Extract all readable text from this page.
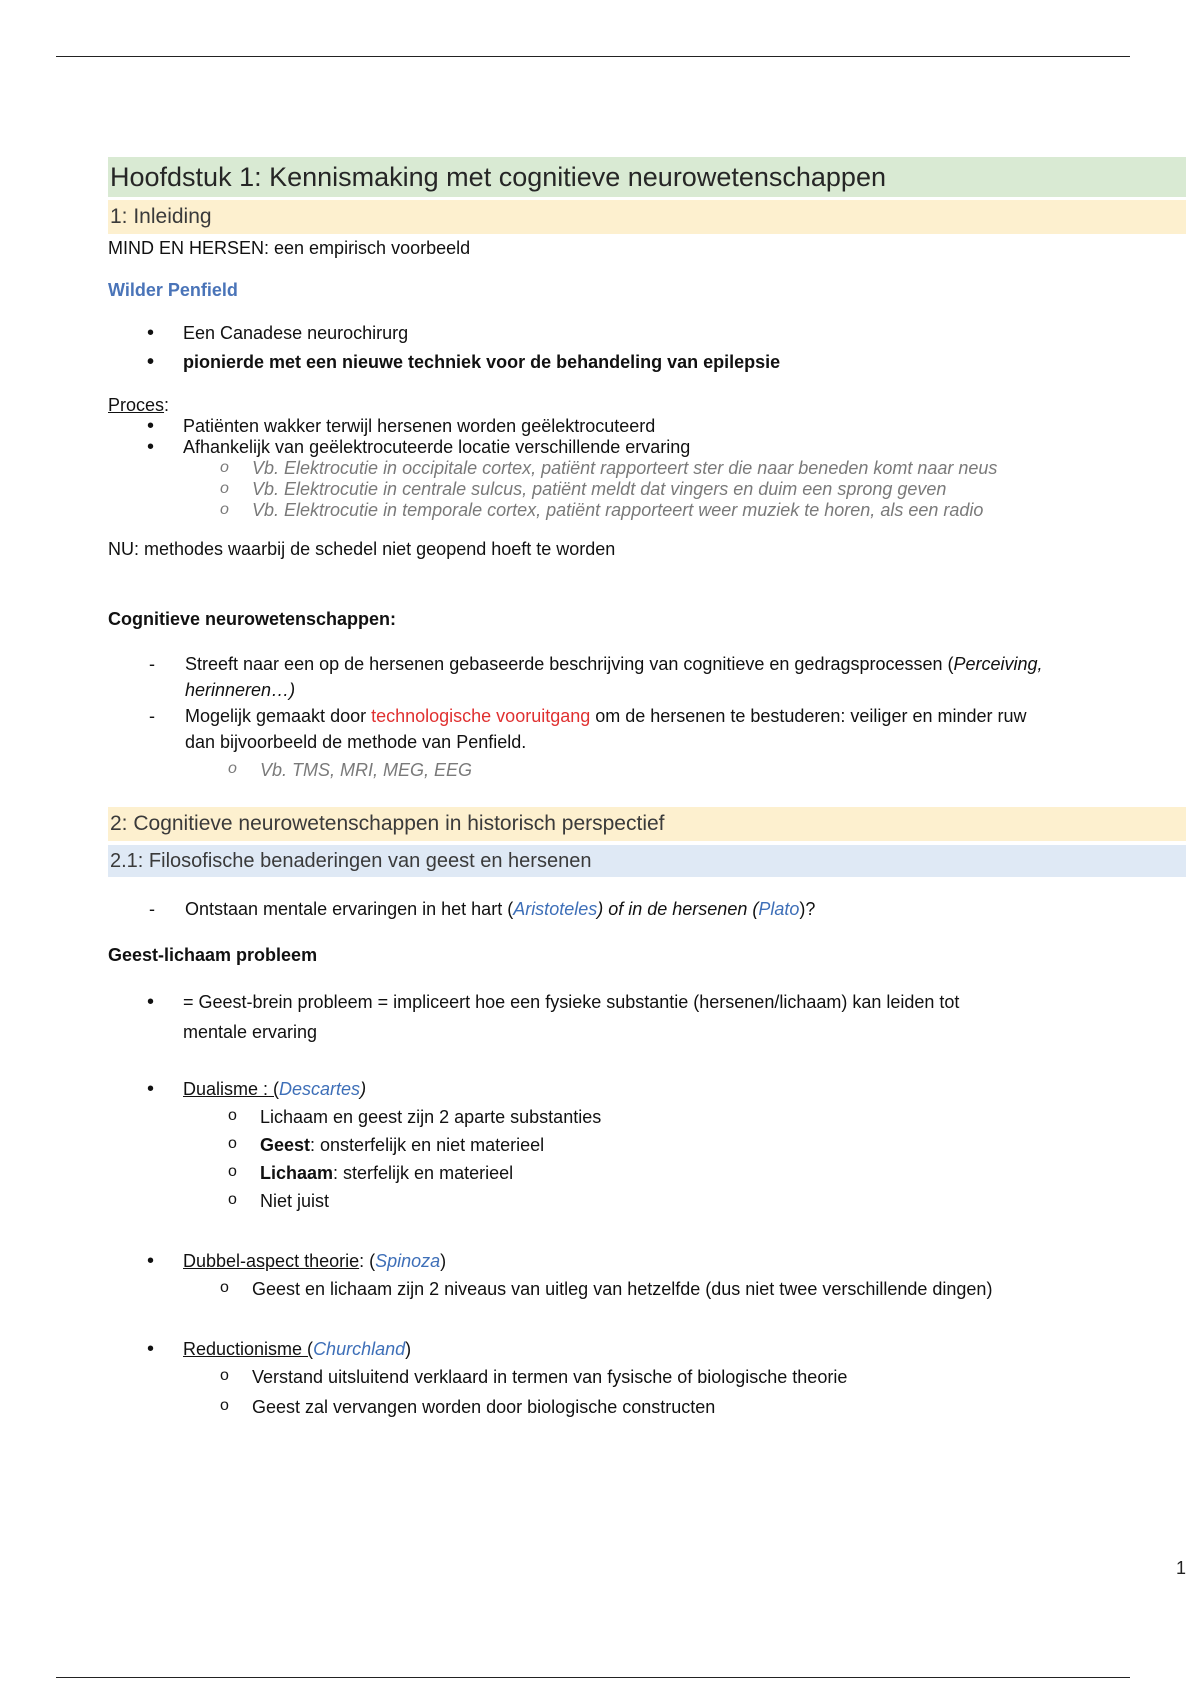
Hoofdstuk 1: Kennismaking met cognitieve neurowetenschappen
1: Inleiding

MIND EN HERSEN: een empirisch voorbeeld

Wilder Penfield
• Een Canadese neurochirurg
• pionierde met een nieuwe techniek voor de behandeling van epilepsie

Proces:

• Patiënten wakker terwijl hersenen worden geëlektrocuteerd
• Afhankelijk van geëlektrocuteerde locatie verschillende ervaring
o Vb. Elektrocutie in occipitale cortex, patiënt rapporteert ster die naar beneden komt naar neus
o Vb. Elektrocutie in centrale sulcus, patiënt meldt dat vingers en duim een sprong geven
o Vb. Elektrocutie in temporale cortex, patiënt rapporteert weer muziek te horen, als een radio

NU: methodes waarbij de schedel niet geopend hoeft te worden

Cognitieve neurowetenschappen:

- Streeft naar een op de hersenen gebaseerde beschrijving van cognitieve en gedragsprocessen (Perceiving, herinneren…)
- Mogelijk gemaakt door technologische vooruitgang om de hersenen te bestuderen: veiliger en minder ruw dan bijvoorbeeld de methode van Penfield.
o Vb. TMS, MRI, MEG, EEG
2: Cognitieve neurowetenschappen in historisch perspectief
2.1: Filosofische benaderingen van geest en hersenen
- Ontstaan mentale ervaringen in het hart (Aristoteles) of in de hersenen (Plato)?

Geest-lichaam probleem

• = Geest-brein probleem = impliceert hoe een fysieke substantie (hersenen/lichaam) kan leiden tot mentale ervaring
• Dualisme : (Descartes)
o Lichaam en geest zijn 2 aparte substanties
o Geest: onsterfelijk en niet materieel
o Lichaam: sterfelijk en materieel
o Niet juist
• Dubbel-aspect theorie: (Spinoza)
o Geest en lichaam zijn 2 niveaus van uitleg van hetzelfde (dus niet twee verschillende dingen)
• Reductionisme (Churchland)
o Verstand uitsluitend verklaard in termen van fysische of biologische theorie
o Geest zal vervangen worden door biologische constructen
1
